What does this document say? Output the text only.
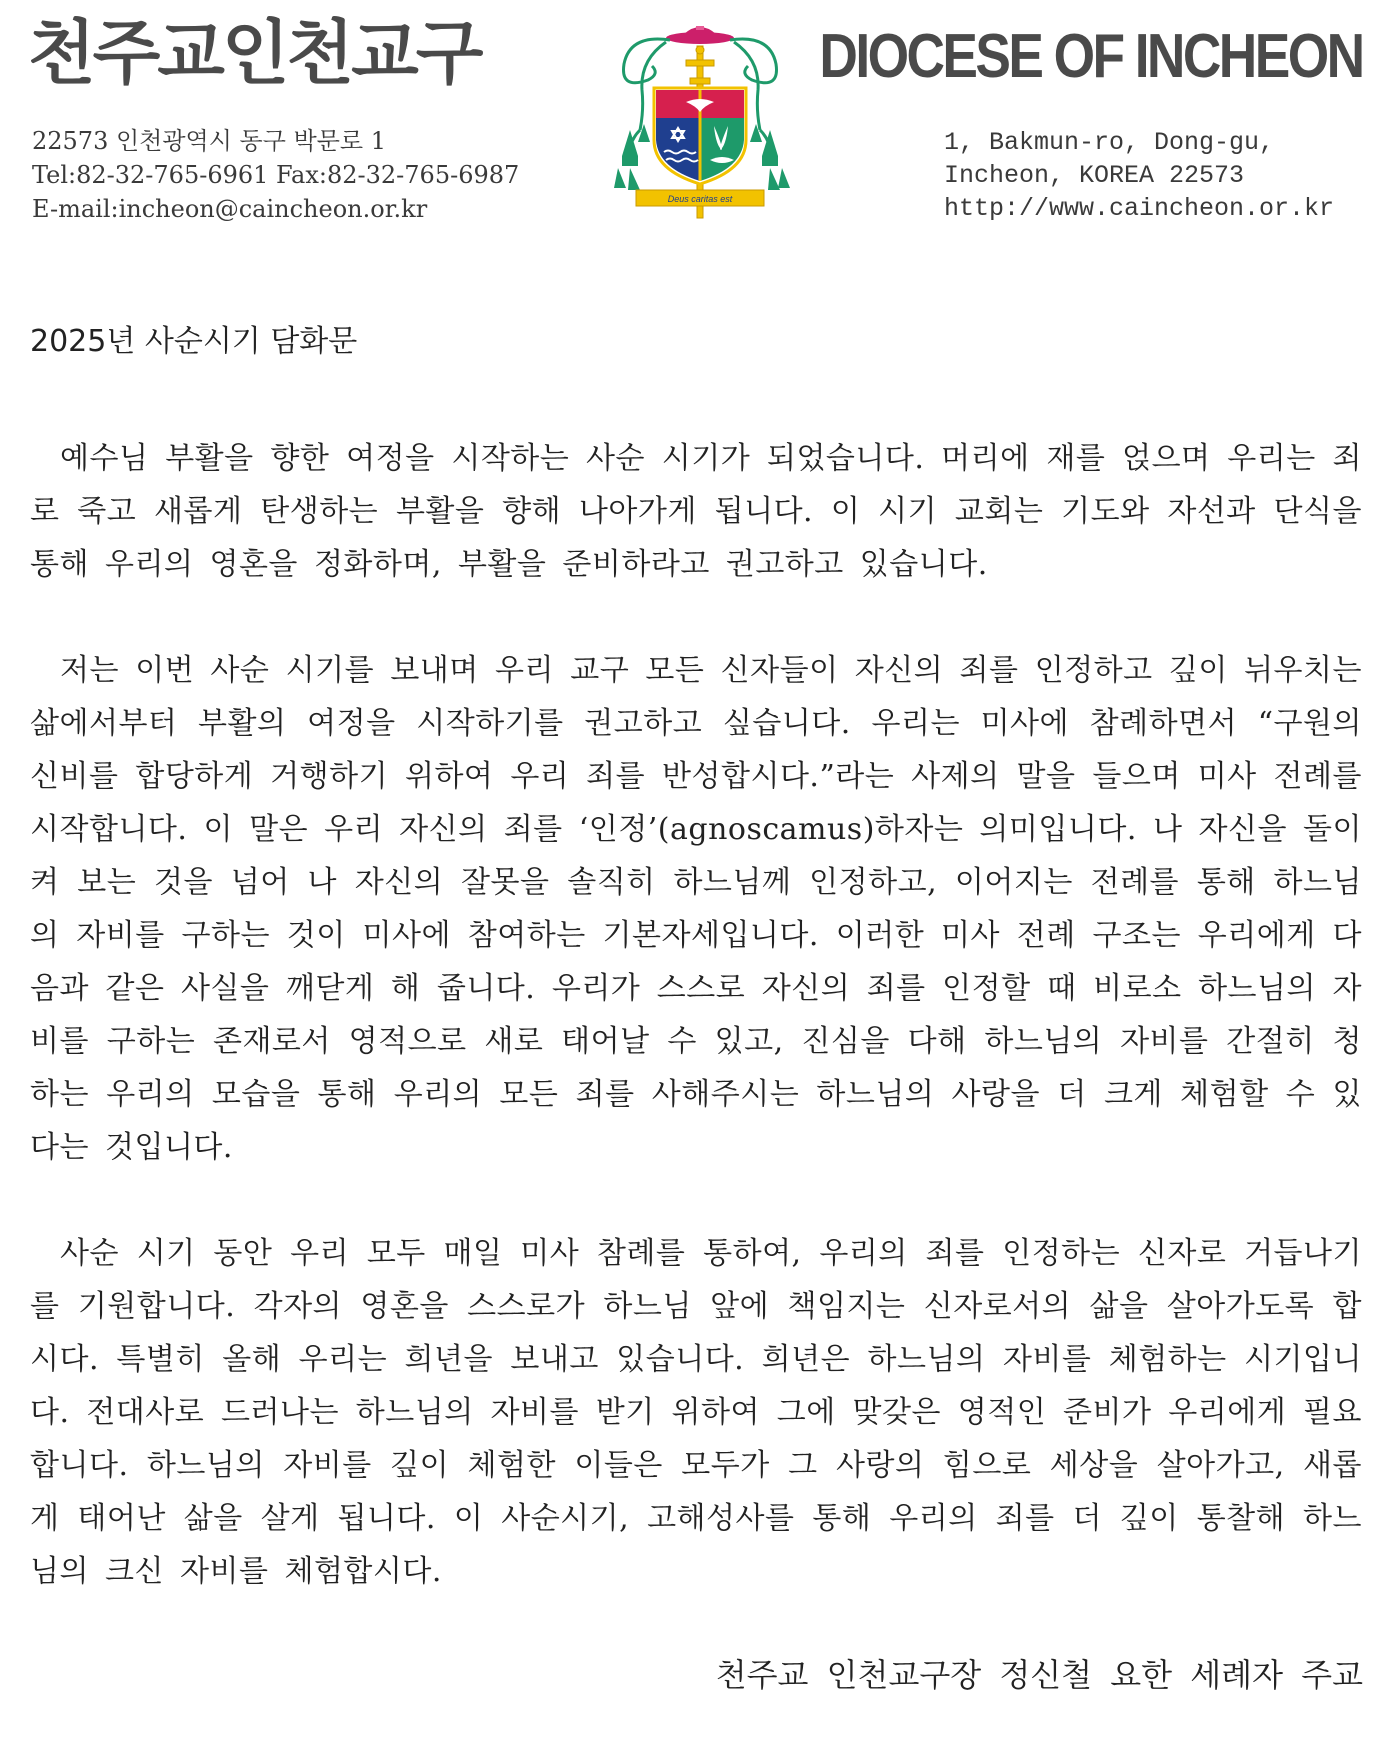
천주교인천교구
22573 인천광역시 동구 박문로 1
Tel:82-32-765-6961 Fax:82-32-765-6987
E-mail:incheon@caincheon.or.kr	Deus caritas est
DIOCESE OF INCHEON
1, Bakmun-ro, Dong-gu,
Incheon, KOREA 22573
http://www.caincheon.or.kr
2025년 사순시기 담화문

예수님 부활을 향한 여정을 시작하는 사순 시기가 되었습니다. 머리에 재를 얹으며 우리는 죄로 죽고 새롭게 탄생하는 부활을 향해 나아가게 됩니다. 이 시기 교회는 기도와 자선과 단식을 통해 우리의 영혼을 정화하며, 부활을 준비하라고 권고하고 있습니다.

저는 이번 사순 시기를 보내며 우리 교구 모든 신자들이 자신의 죄를 인정하고 깊이 뉘우치는 삶에서부터 부활의 여정을 시작하기를 권고하고 싶습니다. 우리는 미사에 참례하면서 “구원의 신비를 합당하게 거행하기 위하여 우리 죄를 반성합시다.”라는 사제의 말을 들으며 미사 전례를 시작합니다. 이 말은 우리 자신의 죄를 ‘인정’(agnoscamus)하자는 의미입니다. 나 자신을 돌이켜 보는 것을 넘어 나 자신의 잘못을 솔직히 하느님께 인정하고, 이어지는 전례를 통해 하느님의 자비를 구하는 것이 미사에 참여하는 기본자세입니다. 이러한 미사 전례 구조는 우리에게 다음과 같은 사실을 깨닫게 해 줍니다. 우리가 스스로 자신의 죄를 인정할 때 비로소 하느님의 자비를 구하는 존재로서 영적으로 새로 태어날 수 있고, 진심을 다해 하느님의 자비를 간절히 청하는 우리의 모습을 통해 우리의 모든 죄를 사해주시는 하느님의 사랑을 더 크게 체험할 수 있다는 것입니다.

사순 시기 동안 우리 모두 매일 미사 참례를 통하여, 우리의 죄를 인정하는 신자로 거듭나기를 기원합니다. 각자의 영혼을 스스로가 하느님 앞에 책임지는 신자로서의 삶을 살아가도록 합시다. 특별히 올해 우리는 희년을 보내고 있습니다. 희년은 하느님의 자비를 체험하는 시기입니다. 전대사로 드러나는 하느님의 자비를 받기 위하여 그에 맞갖은 영적인 준비가 우리에게 필요합니다. 하느님의 자비를 깊이 체험한 이들은 모두가 그 사랑의 힘으로 세상을 살아가고, 새롭게 태어난 삶을 살게 됩니다. 이 사순시기, 고해성사를 통해 우리의 죄를 더 깊이 통찰해 하느님의 크신 자비를 체험합시다.

천주교 인천교구장 정신철 요한 세례자 주교
